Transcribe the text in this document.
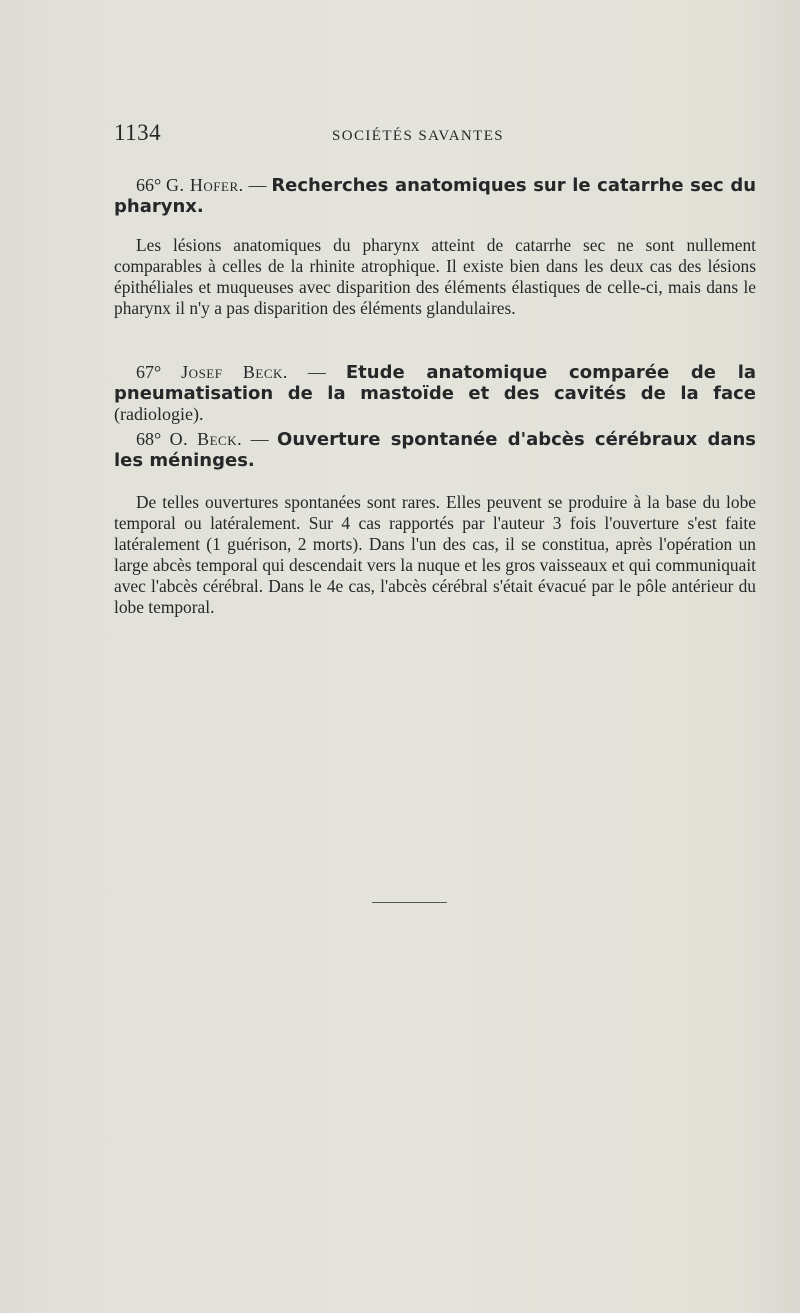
1134	SOCIÉTÉS SAVANTES
66° G. Hofer. — Recherches anatomiques sur le catarrhe sec du pharynx.

Les lésions anatomiques du pharynx atteint de catarrhe sec ne sont nullement comparables à celles de la rhinite atrophique. Il existe bien dans les deux cas des lésions épithéliales et muqueuses avec disparition des éléments élastiques de celle-ci, mais dans le pharynx il n'y a pas disparition des éléments glandulaires.

67° Josef Beck. — Etude anatomique comparée de la pneumatisation de la mastoïde et des cavités de la face (radiologie).
68° O. Beck. — Ouverture spontanée d'abcès cérébraux dans les méninges.

De telles ouvertures spontanées sont rares. Elles peuvent se produire à la base du lobe temporal ou latéralement. Sur 4 cas rapportés par l'auteur 3 fois l'ouverture s'est faite latéralement (1 guérison, 2 morts). Dans l'un des cas, il se constitua, après l'opération un large abcès temporal qui descendait vers la nuque et les gros vaisseaux et qui communiquait avec l'abcès cérébral. Dans le 4e cas, l'abcès cérébral s'était évacué par le pôle antérieur du lobe temporal.
